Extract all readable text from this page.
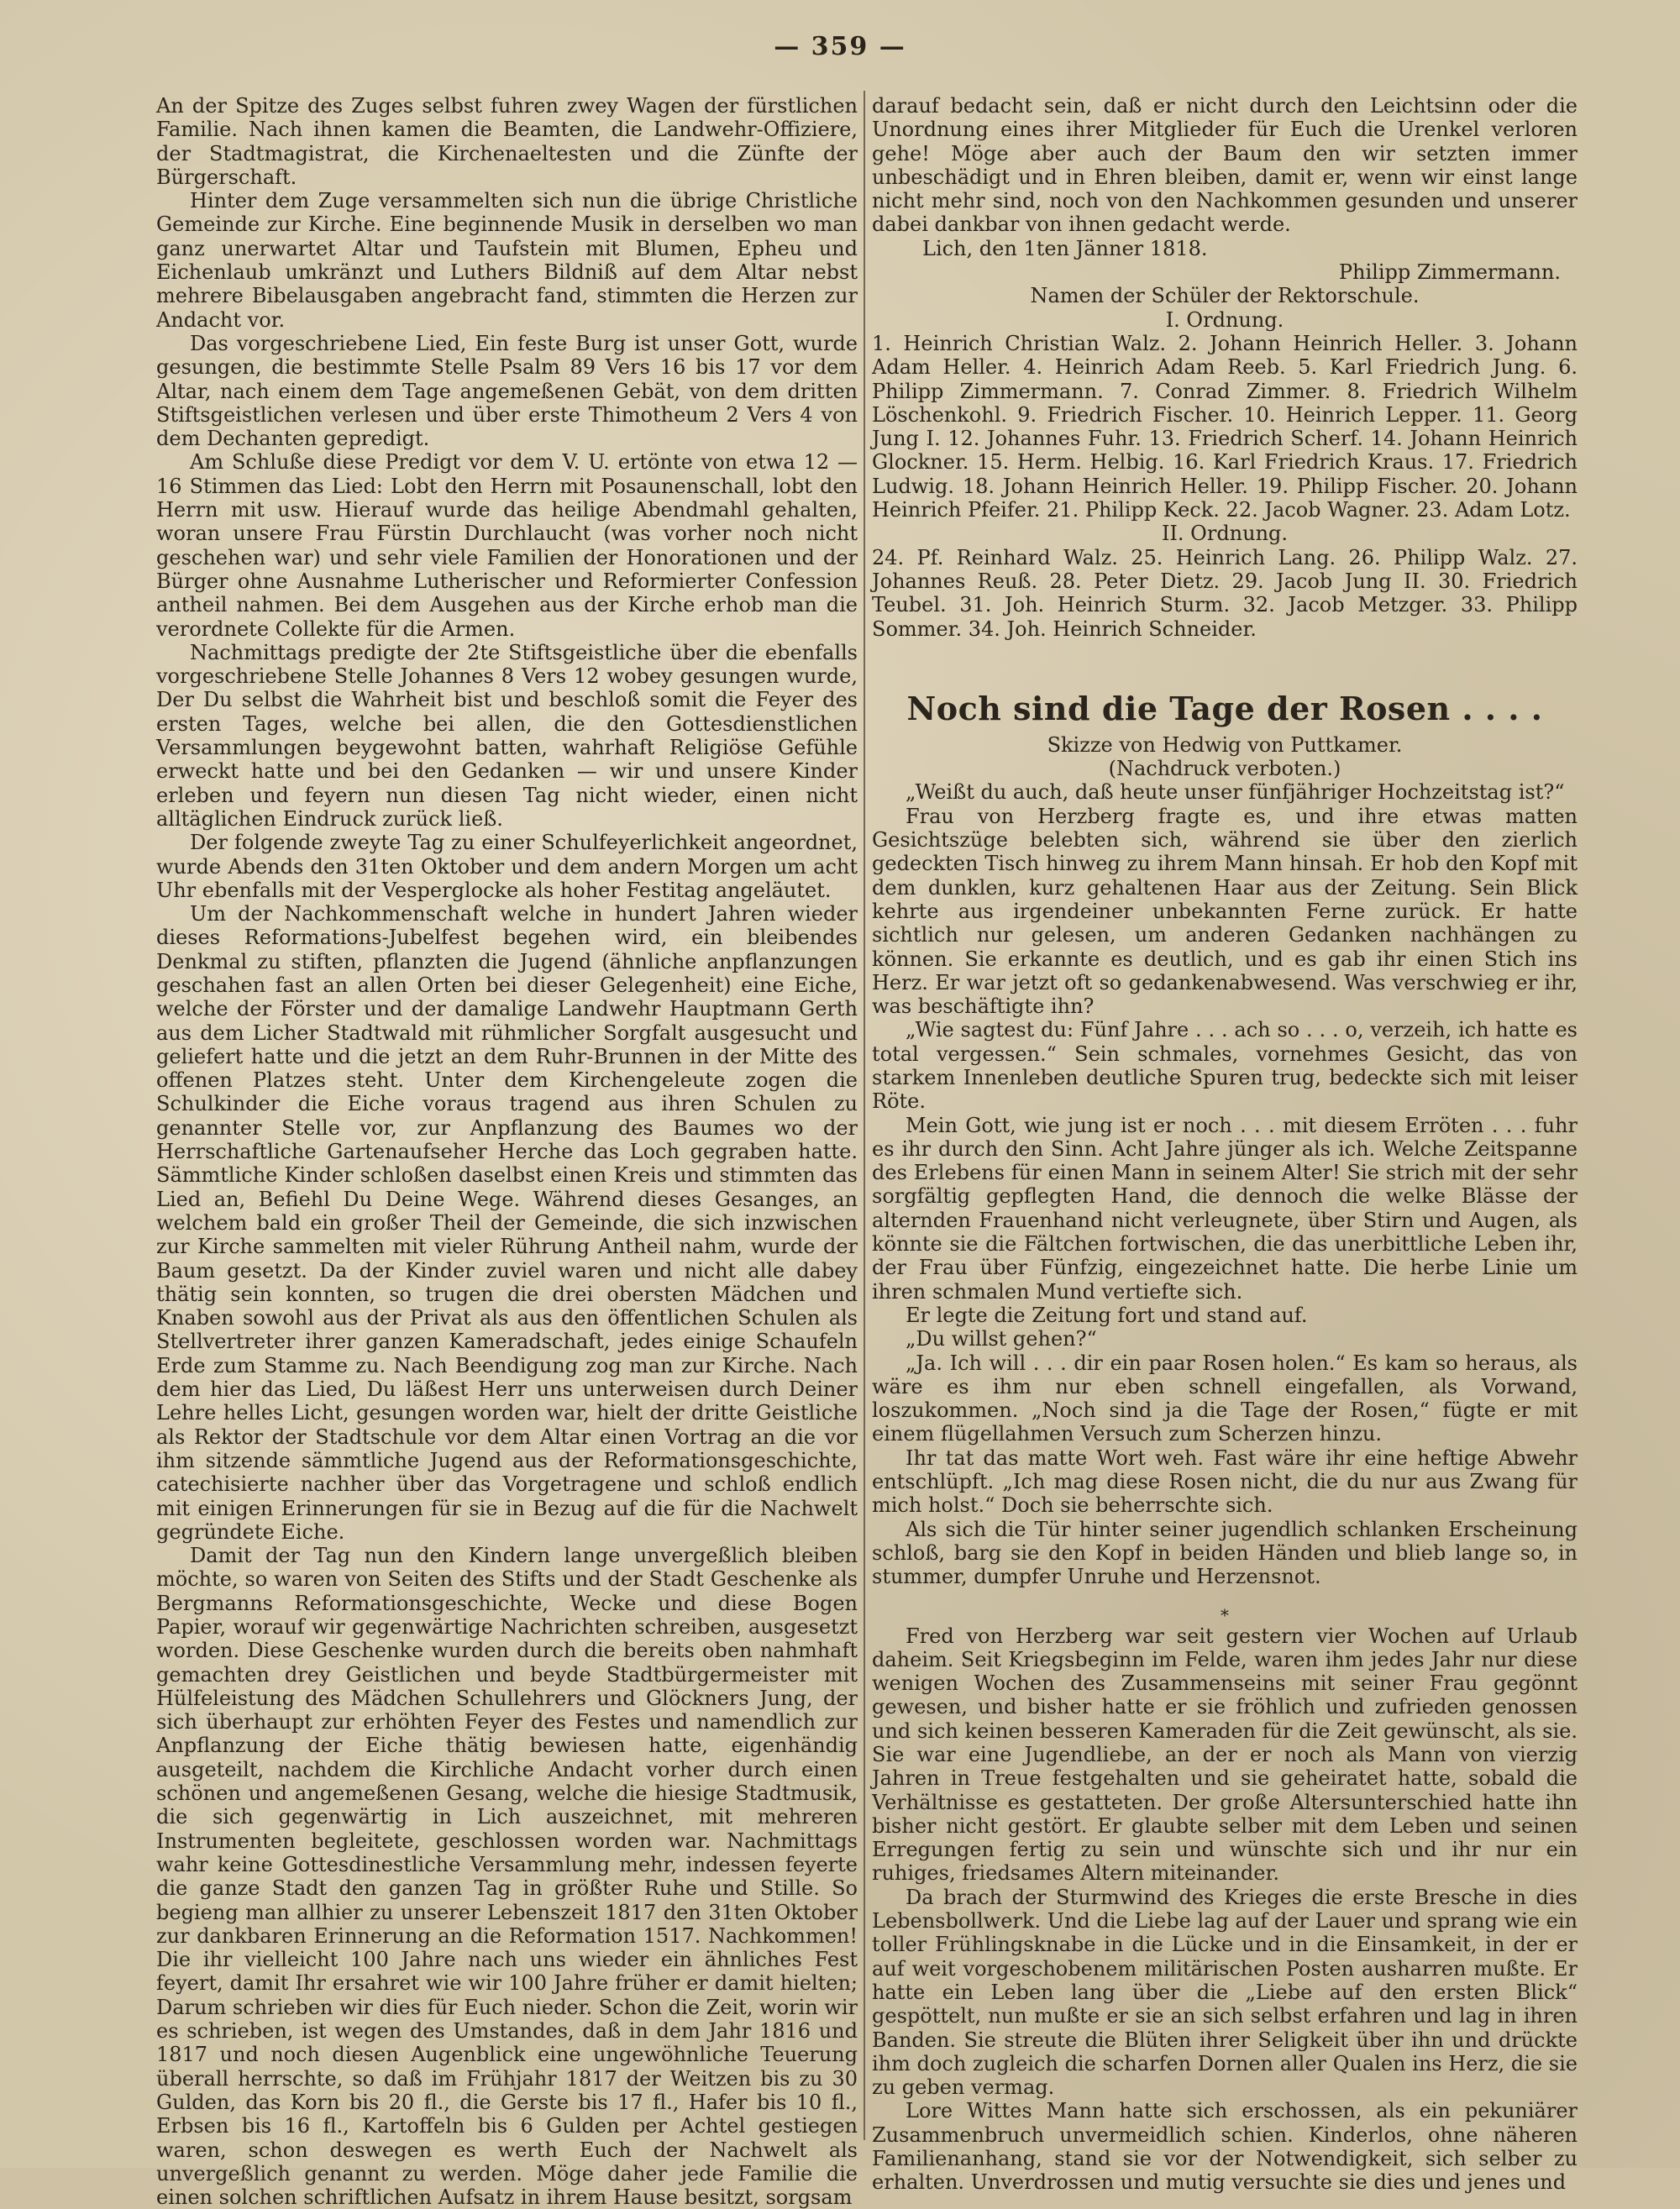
— 359 —

An der Spitze des Zuges selbst fuhren zwey Wagen der fürstlichen Familie. Nach ihnen kamen die Beamten, die Landwehr-Offiziere, der Stadtmagistrat, die Kirchenaeltesten und die Zünfte der Bürgerschaft.

Hinter dem Zuge versammelten sich nun die übrige Christliche Gemeinde zur Kirche. Eine beginnende Musik in derselben wo man ganz unerwartet Altar und Taufstein mit Blumen, Epheu und Eichenlaub umkränzt und Luthers Bildniß auf dem Altar nebst mehrere Bibelausgaben angebracht fand, stimmten die Herzen zur Andacht vor.

Das vorgeschriebene Lied, Ein feste Burg ist unser Gott, wurde gesungen, die bestimmte Stelle Psalm 89 Vers 16 bis 17 vor dem Altar, nach einem dem Tage angemeßenen Gebät, von dem dritten Stiftsgeistlichen verlesen und über erste Thimotheum 2 Vers 4 von dem Dechanten gepredigt.

Am Schluße diese Predigt vor dem V. U. ertönte von etwa 12 — 16 Stimmen das Lied: Lobt den Herrn mit Posaunenschall, lobt den Herrn mit usw. Hierauf wurde das heilige Abendmahl gehalten, woran unsere Frau Fürstin Durchlaucht (was vorher noch nicht geschehen war) und sehr viele Familien der Honorationen und der Bürger ohne Ausnahme Lutherischer und Reformierter Confession antheil nahmen. Bei dem Ausgehen aus der Kirche erhob man die verordnete Collekte für die Armen.

Nachmittags predigte der 2te Stiftsgeistliche über die ebenfalls vorgeschriebene Stelle Johannes 8 Vers 12 wobey gesungen wurde, Der Du selbst die Wahrheit bist und beschloß somit die Feyer des ersten Tages, welche bei allen, die den Gottesdienstlichen Versammlungen beygewohnt batten, wahrhaft Religiöse Gefühle erweckt hatte und bei den Gedanken — wir und unsere Kinder erleben und feyern nun diesen Tag nicht wieder, einen nicht alltäglichen Eindruck zurück ließ.

Der folgende zweyte Tag zu einer Schulfeyerlichkeit angeordnet, wurde Abends den 31ten Oktober und dem andern Morgen um acht Uhr ebenfalls mit der Vesperglocke als hoher Festitag angeläutet.

Um der Nachkommenschaft welche in hundert Jahren wieder dieses Reformations-Jubelfest begehen wird, ein bleibendes Denkmal zu stiften, pflanzten die Jugend (ähnliche anpflanzungen geschahen fast an allen Orten bei dieser Gelegenheit) eine Eiche, welche der Förster und der damalige Landwehr Hauptmann Gerth aus dem Licher Stadtwald mit rühmlicher Sorgfalt ausgesucht und geliefert hatte und die jetzt an dem Ruhr-Brunnen in der Mitte des offenen Platzes steht. Unter dem Kirchengeleute zogen die Schulkinder die Eiche voraus tragend aus ihren Schulen zu genannter Stelle vor, zur Anpflanzung des Baumes wo der Herrschaftliche Gartenaufseher Herche das Loch gegraben hatte. Sämmtliche Kinder schloßen daselbst einen Kreis und stimmten das Lied an, Befiehl Du Deine Wege. Während dieses Gesanges, an welchem bald ein großer Theil der Gemeinde, die sich inzwischen zur Kirche sammelten mit vieler Rührung Antheil nahm, wurde der Baum gesetzt. Da der Kinder zuviel waren und nicht alle dabey thätig sein konnten, so trugen die drei obersten Mädchen und Knaben sowohl aus der Privat als aus den öffentlichen Schulen als Stellvertreter ihrer ganzen Kameradschaft, jedes einige Schaufeln Erde zum Stamme zu. Nach Beendigung zog man zur Kirche. Nach dem hier das Lied, Du läßest Herr uns unterweisen durch Deiner Lehre helles Licht, gesungen worden war, hielt der dritte Geistliche als Rektor der Stadtschule vor dem Altar einen Vortrag an die vor ihm sitzende sämmtliche Jugend aus der Reformationsgeschichte, catechisierte nachher über das Vorgetragene und schloß endlich mit einigen Erinnerungen für sie in Bezug auf die für die Nachwelt gegründete Eiche.

Damit der Tag nun den Kindern lange unvergeßlich bleiben möchte, so waren von Seiten des Stifts und der Stadt Geschenke als Bergmanns Reformationsgeschichte, Wecke und diese Bogen Papier, worauf wir gegenwärtige Nachrichten schreiben, ausgesetzt worden. Diese Geschenke wurden durch die bereits oben nahmhaft gemachten drey Geistlichen und beyde Stadtbürgermeister mit Hülfeleistung des Mädchen Schullehrers und Glöckners Jung, der sich überhaupt zur erhöhten Feyer des Festes und namendlich zur Anpflanzung der Eiche thätig bewiesen hatte, eigenhändig ausgeteilt, nachdem die Kirchliche Andacht vorher durch einen schönen und angemeßenen Gesang, welche die hiesige Stadtmusik, die sich gegenwärtig in Lich auszeichnet, mit mehreren Instrumenten begleitete, geschlossen worden war. Nachmittags wahr keine Gottesdinestliche Versammlung mehr, indessen feyerte die ganze Stadt den ganzen Tag in größter Ruhe und Stille. So begieng man allhier zu unserer Lebenszeit 1817 den 31ten Oktober zur dankbaren Erinnerung an die Reformation 1517. Nachkommen! Die ihr vielleicht 100 Jahre nach uns wieder ein ähnliches Fest feyert, damit Ihr ersahret wie wir 100 Jahre früher er damit hielten; Darum schrieben wir dies für Euch nieder. Schon die Zeit, worin wir es schrieben, ist wegen des Umstandes, daß in dem Jahr 1816 und 1817 und noch diesen Augenblick eine ungewöhnliche Teuerung überall herrschte, so daß im Frühjahr 1817 der Weitzen bis zu 30 Gulden, das Korn bis 20 fl., die Gerste bis 17 fl., Hafer bis 10 fl., Erbsen bis 16 fl., Kartoffeln bis 6 Gulden per Achtel gestiegen waren, schon deswegen es werth Euch der Nachwelt als unvergeßlich genannt zu werden. Möge daher jede Familie die einen solchen schriftlichen Aufsatz in ihrem Hause besitzt, sorgsam

darauf bedacht sein, daß er nicht durch den Leichtsinn oder die Unordnung eines ihrer Mitglieder für Euch die Urenkel verloren gehe! Möge aber auch der Baum den wir setzten immer unbeschädigt und in Ehren bleiben, damit er, wenn wir einst lange nicht mehr sind, noch von den Nachkommen gesunden und unserer dabei dankbar von ihnen gedacht werde.

Lich, den 1ten Jänner 1818.
Philipp Zimmermann.
Namen der Schüler der Rektorschule.
I. Ordnung.

1. Heinrich Christian Walz. 2. Johann Heinrich Heller. 3. Johann Adam Heller. 4. Heinrich Adam Reeb. 5. Karl Friedrich Jung. 6. Philipp Zimmermann. 7. Conrad Zimmer. 8. Friedrich Wilhelm Löschenkohl. 9. Friedrich Fischer. 10. Heinrich Lepper. 11. Georg Jung I. 12. Johannes Fuhr. 13. Friedrich Scherf. 14. Johann Heinrich Glockner. 15. Herm. Helbig. 16. Karl Friedrich Kraus. 17. Friedrich Ludwig. 18. Johann Heinrich Heller. 19. Philipp Fischer. 20. Johann Heinrich Pfeifer. 21. Philipp Keck. 22. Jacob Wagner. 23. Adam Lotz.

II. Ordnung.

24. Pf. Reinhard Walz. 25. Heinrich Lang. 26. Philipp Walz. 27. Johannes Reuß. 28. Peter Dietz. 29. Jacob Jung II. 30. Friedrich Teubel. 31. Joh. Heinrich Sturm. 32. Jacob Metzger. 33. Philipp Sommer. 34. Joh. Heinrich Schneider.

Noch sind die Tage der Rosen . . . .
Skizze von Hedwig von Puttkamer.
(Nachdruck verboten.)

„Weißt du auch, daß heute unser fünfjähriger Hochzeitstag ist?“

Frau von Herzberg fragte es, und ihre etwas matten Gesichtszüge belebten sich, während sie über den zierlich gedeckten Tisch hinweg zu ihrem Mann hinsah. Er hob den Kopf mit dem dunklen, kurz gehaltenen Haar aus der Zeitung. Sein Blick kehrte aus irgendeiner unbekannten Ferne zurück. Er hatte sichtlich nur gelesen, um anderen Gedanken nachhängen zu können. Sie erkannte es deutlich, und es gab ihr einen Stich ins Herz. Er war jetzt oft so gedankenabwesend. Was verschwieg er ihr, was beschäftigte ihn?

„Wie sagtest du: Fünf Jahre . . . ach so . . . o, verzeih, ich hatte es total vergessen.“ Sein schmales, vornehmes Gesicht, das von starkem Innenleben deutliche Spuren trug, bedeckte sich mit leiser Röte.

Mein Gott, wie jung ist er noch . . . mit diesem Erröten . . . fuhr es ihr durch den Sinn. Acht Jahre jünger als ich. Welche Zeitspanne des Erlebens für einen Mann in seinem Alter! Sie strich mit der sehr sorgfältig gepflegten Hand, die dennoch die welke Blässe der alternden Frauenhand nicht verleugnete, über Stirn und Augen, als könnte sie die Fältchen fortwischen, die das unerbittliche Leben ihr, der Frau über Fünfzig, eingezeichnet hatte. Die herbe Linie um ihren schmalen Mund vertiefte sich.

Er legte die Zeitung fort und stand auf.

„Du willst gehen?“

„Ja. Ich will . . . dir ein paar Rosen holen.“ Es kam so heraus, als wäre es ihm nur eben schnell eingefallen, als Vorwand, loszukommen. „Noch sind ja die Tage der Rosen,“ fügte er mit einem flügellahmen Versuch zum Scherzen hinzu.

Ihr tat das matte Wort weh. Fast wäre ihr eine heftige Abwehr entschlüpft. „Ich mag diese Rosen nicht, die du nur aus Zwang für mich holst.“ Doch sie beherrschte sich.

Als sich die Tür hinter seiner jugendlich schlanken Erscheinung schloß, barg sie den Kopf in beiden Händen und blieb lange so, in stummer, dumpfer Unruhe und Herzensnot.

*

Fred von Herzberg war seit gestern vier Wochen auf Urlaub daheim. Seit Kriegsbeginn im Felde, waren ihm jedes Jahr nur diese wenigen Wochen des Zusammenseins mit seiner Frau gegönnt gewesen, und bisher hatte er sie fröhlich und zufrieden genossen und sich keinen besseren Kameraden für die Zeit gewünscht, als sie. Sie war eine Jugendliebe, an der er noch als Mann von vierzig Jahren in Treue festgehalten und sie geheiratet hatte, sobald die Verhältnisse es gestatteten. Der große Altersunterschied hatte ihn bisher nicht gestört. Er glaubte selber mit dem Leben und seinen Erregungen fertig zu sein und wünschte sich und ihr nur ein ruhiges, friedsames Altern miteinander.

Da brach der Sturmwind des Krieges die erste Bresche in dies Lebensbollwerk. Und die Liebe lag auf der Lauer und sprang wie ein toller Frühlingsknabe in die Lücke und in die Einsamkeit, in der er auf weit vorgeschobenem militärischen Posten ausharren mußte. Er hatte ein Leben lang über die „Liebe auf den ersten Blick“ gespöttelt, nun mußte er sie an sich selbst erfahren und lag in ihren Banden. Sie streute die Blüten ihrer Seligkeit über ihn und drückte ihm doch zugleich die scharfen Dornen aller Qualen ins Herz, die sie zu geben vermag.

Lore Wittes Mann hatte sich erschossen, als ein pekuniärer Zusammenbruch unvermeidlich schien. Kinderlos, ohne näheren Familienanhang, stand sie vor der Notwendigkeit, sich selber zu erhalten. Unverdrossen und mutig versuchte sie dies und jenes und
